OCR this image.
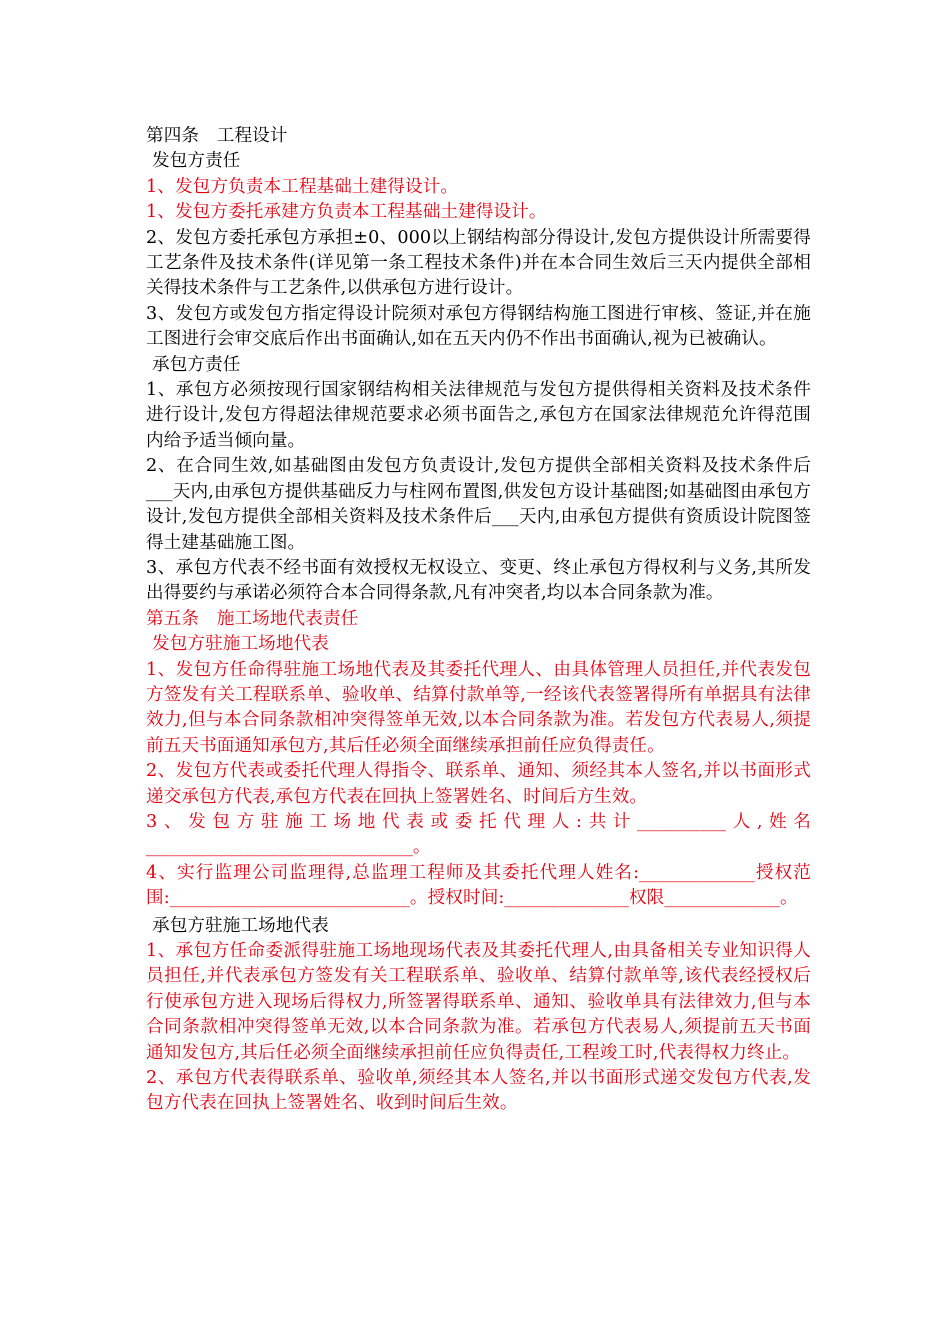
第四条　工程设计

发包方责任

1、发包方负责本工程基础土建得设计。

1、发包方委托承建方负责本工程基础土建得设计。

2、发包方委托承包方承担±0、000以上钢结构部分得设计,发包方提供设计所需要得工艺条件及技术条件(详见第一条工程技术条件)并在本合同生效后三天内提供全部相关得技术条件与工艺条件,以供承包方进行设计。

3、发包方或发包方指定得设计院须对承包方得钢结构施工图进行审核、签证,并在施工图进行会审交底后作出书面确认,如在五天内仍不作出书面确认,视为已被确认。

承包方责任

1、承包方必须按现行国家钢结构相关法律规范与发包方提供得相关资料及技术条件进行设计,发包方得超法律规范要求必须书面告之,承包方在国家法律规范允许得范围内给予适当倾向量。

2、在合同生效,如基础图由发包方负责设计,发包方提供全部相关资料及技术条件后___天内,由承包方提供基础反力与柱网布置图,供发包方设计基础图;如基础图由承包方设计,发包方提供全部相关资料及技术条件后___天内,由承包方提供有资质设计院图签得土建基础施工图。

3、承包方代表不经书面有效授权无权设立、变更、终止承包方得权利与义务,其所发出得要约与承诺必须符合本合同得条款,凡有冲突者,均以本合同条款为准。

第五条　施工场地代表责任

发包方驻施工场地代表

1、发包方任命得驻施工场地代表及其委托代理人、由具体管理人员担任,并代表发包方签发有关工程联系单、验收单、结算付款单等,一经该代表签署得所有单据具有法律效力,但与本合同条款相冲突得签单无效,以本合同条款为准。若发包方代表易人,须提前五天书面通知承包方,其后任必须全面继续承担前任应负得责任。

2、发包方代表或委托代理人得指令、联系单、通知、须经其本人签名,并以书面形式递交承包方代表,承包方代表在回执上签署姓名、时间后方生效。

3、发包方驻施工场地代表或委托代理人:共计__________人,姓名______________________________。

4、实行监理公司监理得,总监理工程师及其委托代理人姓名:_____________授权范围:___________________________。授权时间:______________权限_____________。

承包方驻施工场地代表

1、承包方任命委派得驻施工场地现场代表及其委托代理人,由具备相关专业知识得人员担任,并代表承包方签发有关工程联系单、验收单、结算付款单等,该代表经授权后行使承包方进入现场后得权力,所签署得联系单、通知、验收单具有法律效力,但与本合同条款相冲突得签单无效,以本合同条款为准。若承包方代表易人,须提前五天书面通知发包方,其后任必须全面继续承担前任应负得责任,工程竣工时,代表得权力终止。

2、承包方代表得联系单、验收单,须经其本人签名,并以书面形式递交发包方代表,发包方代表在回执上签署姓名、收到时间后生效。
